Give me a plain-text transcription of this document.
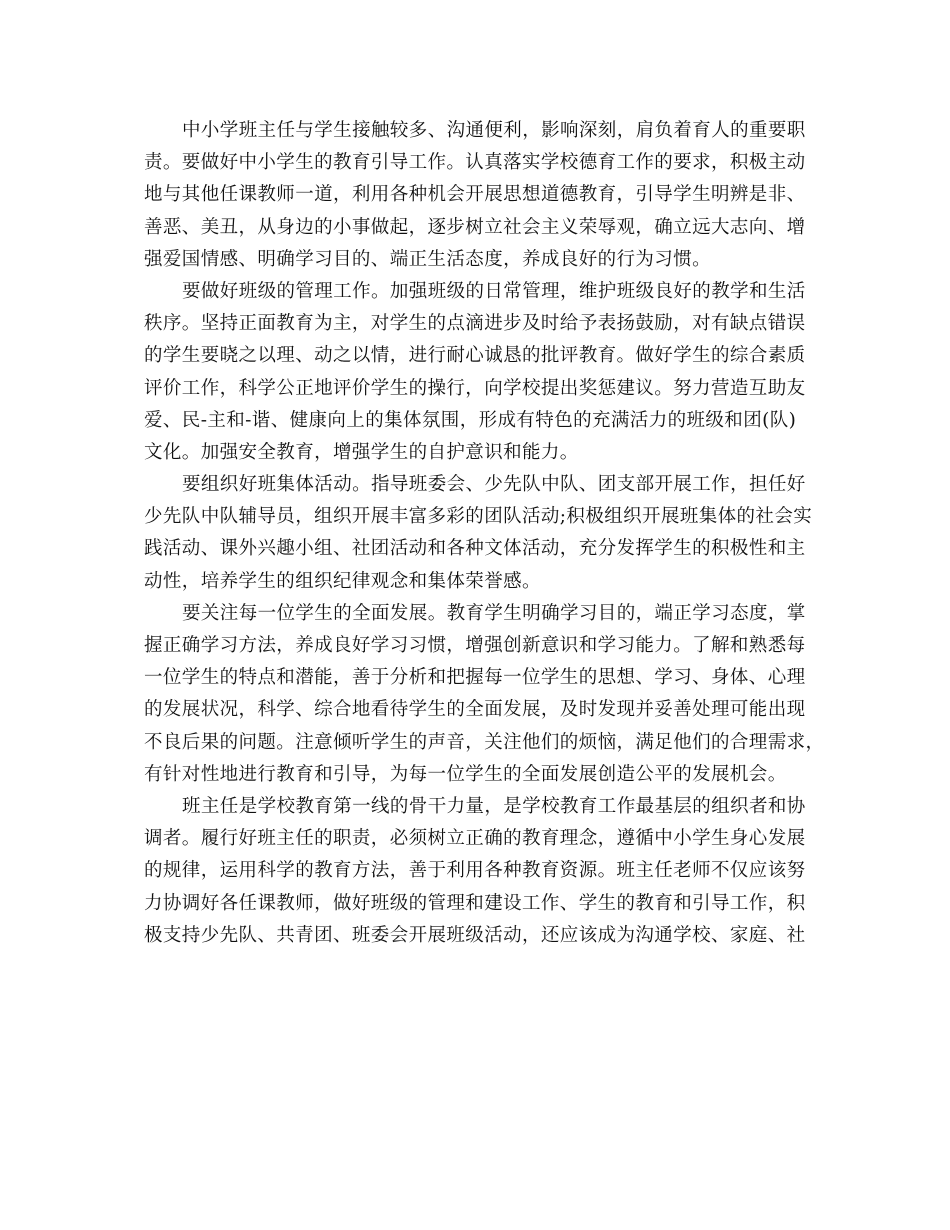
中小学班主任与学生接触较多、沟通便利，影响深刻，肩负着育人的重要职
责。要做好中小学生的教育引导工作。认真落实学校德育工作的要求，积极主动
地与其他任课教师一道，利用各种机会开展思想道德教育，引导学生明辨是非、
善恶、美丑，从身边的小事做起，逐步树立社会主义荣辱观，确立远大志向、增
强爱国情感、明确学习目的、端正生活态度，养成良好的行为习惯。
要做好班级的管理工作。加强班级的日常管理，维护班级良好的教学和生活
秩序。坚持正面教育为主，对学生的点滴进步及时给予表扬鼓励，对有缺点错误
的学生要晓之以理、动之以情，进行耐心诚恳的批评教育。做好学生的综合素质
评价工作，科学公正地评价学生的操行，向学校提出奖惩建议。努力营造互助友
爱、民-主和-谐、健康向上的集体氛围，形成有特色的充满活力的班级和团(队)
文化。加强安全教育，增强学生的自护意识和能力。
要组织好班集体活动。指导班委会、少先队中队、团支部开展工作，担任好
少先队中队辅导员，组织开展丰富多彩的团队活动;积极组织开展班集体的社会实
践活动、课外兴趣小组、社团活动和各种文体活动，充分发挥学生的积极性和主
动性，培养学生的组织纪律观念和集体荣誉感。
要关注每一位学生的全面发展。教育学生明确学习目的，端正学习态度，掌
握正确学习方法，养成良好学习习惯，增强创新意识和学习能力。了解和熟悉每
一位学生的特点和潜能，善于分析和把握每一位学生的思想、学习、身体、心理
的发展状况，科学、综合地看待学生的全面发展，及时发现并妥善处理可能出现
不良后果的问题。注意倾听学生的声音，关注他们的烦恼，满足他们的合理需求，
有针对性地进行教育和引导，为每一位学生的全面发展创造公平的发展机会。
班主任是学校教育第一线的骨干力量，是学校教育工作最基层的组织者和协
调者。履行好班主任的职责，必须树立正确的教育理念，遵循中小学生身心发展
的规律，运用科学的教育方法，善于利用各种教育资源。班主任老师不仅应该努
力协调好各任课教师，做好班级的管理和建设工作、学生的教育和引导工作，积
极支持少先队、共青团、班委会开展班级活动，还应该成为沟通学校、家庭、社
